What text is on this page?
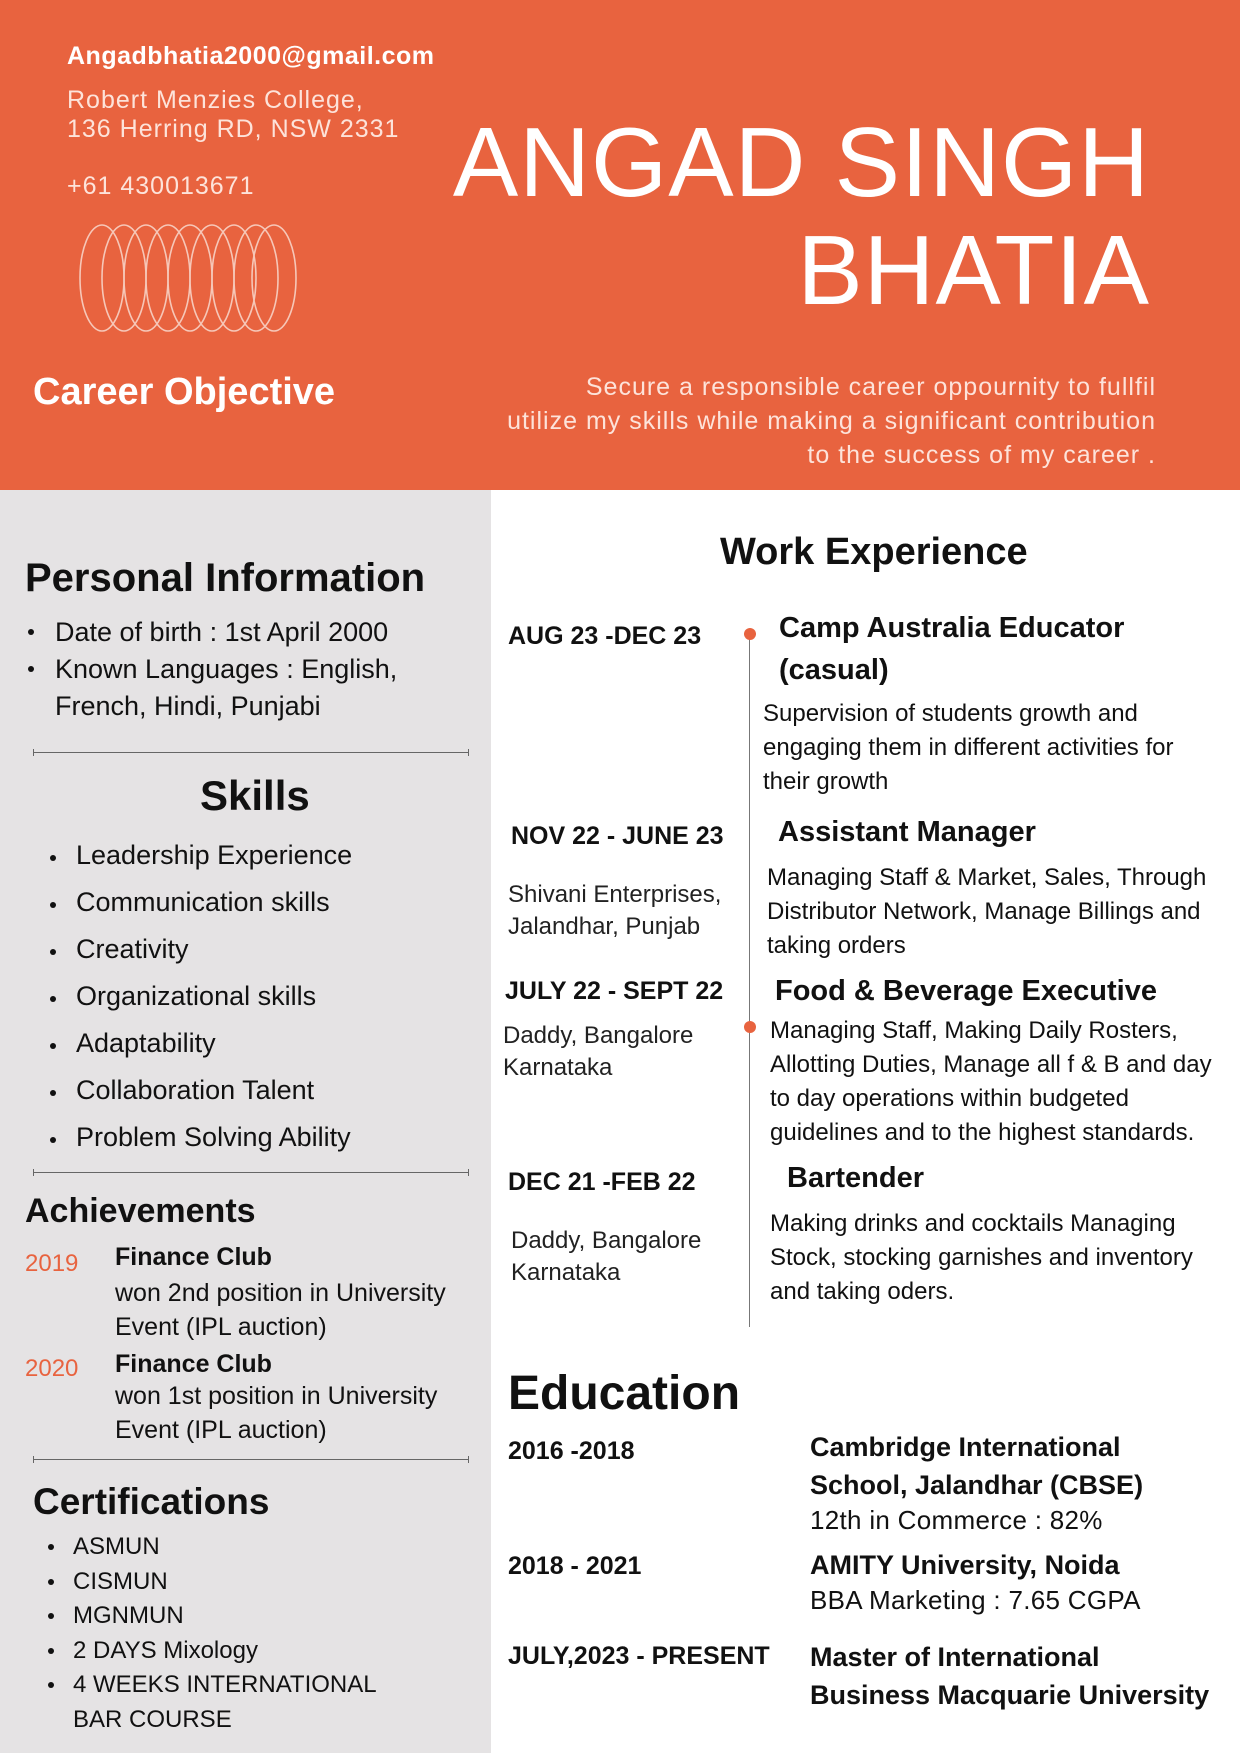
Angadbhatia2000@gmail.com
Robert Menzies College,
136 Herring RD, NSW 2331
+61 430013671 ANGAD SINGH
BHATIA
Career Objective	Secure a responsible career oppournity to fullfil
utilize my skills while making a significant contribution
to the success of my career .
Personal Information
Date of birth : 1st April 2000
Known Languages : English, French, Hindi, Punjabi
Skills
Leadership Experience
Communication skills
Creativity
Organizational skills
Adaptability
Collaboration Talent
Problem Solving Ability
Achievements
2019 Finance Club
won 2nd position in University
Event (IPL auction)
2020 Finance Club
won 1st position in University
Event (IPL auction)
Certifications
ASMUN
CISMUN
MGNMUN
2 DAYS Mixology
4 WEEKS INTERNATIONAL BAR COURSE
Work Experience
AUG 23 -DEC 23	Camp Australia Educator
(casual)
Supervision of students growth and
engaging them in different activities for
their growth
NOV 22 - JUNE 23 Assistant Manager
Shivani Enterprises,
Jalandhar, Punjab
Managing Staff & Market, Sales, Through
Distributor Network, Manage Billings and
taking orders
JULY 22 - SEPT 22 Food & Beverage Executive
Daddy, Bangalore
Karnataka
Managing Staff, Making Daily Rosters,
Allotting Duties, Manage all f & B and day
to day operations within budgeted
guidelines and to the highest standards.
DEC 21 -FEB 22	Bartender
Daddy, Bangalore
Karnataka
Making drinks and cocktails Managing
Stock, stocking garnishes and inventory
and taking oders.
Education
2016 -2018	Cambridge International
School, Jalandhar (CBSE)
12th in Commerce : 82%
2018 - 2021	AMITY University, Noida
BBA Marketing : 7.65 CGPA
JULY,2023 - PRESENT Master of International
Business Macquarie University
